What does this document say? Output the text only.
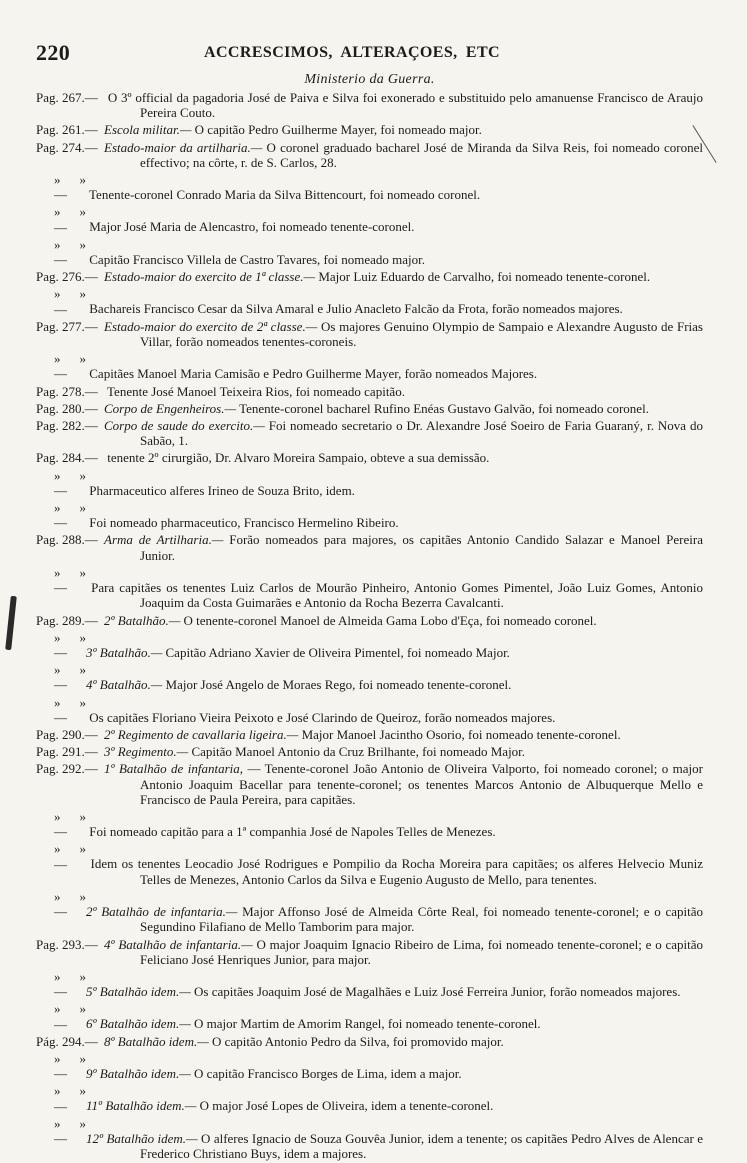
220	ACCRESCIMOS, ALTERAÇOES, ETC
Ministerio da Guerra.

Pag. 267.— O 3º official da pagadoria José de Paiva e Silva foi exonerado e substituido pelo amanuense Francisco de Araujo Pereira Couto.

Pag. 261.— Escola militar.— O capitão Pedro Guilherme Mayer, foi nomeado major.

Pag. 274.— Estado-maior da artilharia.— O coronel graduado bacharel José de Miranda da Silva Reis, foi nomeado coronel effectivo; na côrte, r. de S. Carlos, 28.

» » — Tenente-coronel Conrado Maria da Silva Bittencourt, foi nomeado coronel.

» » — Major José Maria de Alencastro, foi nomeado tenente-coronel.

» » — Capitão Francisco Villela de Castro Tavares, foi nomeado major.

Pag. 276.— Estado-maior do exercito de 1ª classe.— Major Luiz Eduardo de Carvalho, foi nomeado tenente-coronel.

» » — Bachareis Francisco Cesar da Silva Amaral e Julio Anacleto Falcão da Frota, forão nomeados majores.

Pag. 277.— Estado-maior do exercito de 2ª classe.— Os majores Genuino Olympio de Sampaio e Alexandre Augusto de Frias Villar, forão nomeados tenentes-coroneis.

» » — Capitães Manoel Maria Camisão e Pedro Guilherme Mayer, forão nomeados Majores.

Pag. 278.— Tenente José Manoel Teixeira Rios, foi nomeado capitão.

Pag. 280.— Corpo de Engenheiros.— Tenente-coronel bacharel Rufino Enéas Gustavo Galvão, foi nomeado coronel.

Pag. 282.— Corpo de saude do exercito.— Foi nomeado secretario o Dr. Alexandre José Soeiro de Faria Guaraný, r. Nova do Sabão, 1.

Pag. 284.— tenente 2º cirurgião, Dr. Alvaro Moreira Sampaio, obteve a sua demissão.

» » — Pharmaceutico alferes Irineo de Souza Brito, idem.

» » — Foi nomeado pharmaceutico, Francisco Hermelino Ribeiro.

Pag. 288.— Arma de Artilharia.— Forão nomeados para majores, os capitães Antonio Candido Salazar e Manoel Pereira Junior.

» » — Para capitães os tenentes Luiz Carlos de Mourão Pinheiro, Antonio Gomes Pimentel, João Luiz Gomes, Antonio Joaquim da Costa Guimarães e Antonio da Rocha Bezerra Cavalcanti.

Pag. 289.— 2º Batalhão.— O tenente-coronel Manoel de Almeida Gama Lobo d'Eça, foi nomeado coronel.

» » — 3º Batalhão.— Capitão Adriano Xavier de Oliveira Pimentel, foi nomeado Major.

» » — 4º Batalhão.— Major José Angelo de Moraes Rego, foi nomeado tenente-coronel.

» » — Os capitães Floriano Vieira Peixoto e José Clarindo de Queiroz, forão nomeados majores.

Pag. 290.— 2º Regimento de cavallaria ligeira.— Major Manoel Jacintho Osorio, foi nomeado tenente-coronel.

Pag. 291.— 3º Regimento.— Capitão Manoel Antonio da Cruz Brilhante, foi nomeado Major.

Pag. 292.— 1º Batalhão de infantaria, — Tenente-coronel João Antonio de Oliveira Valporto, foi nomeado coronel; o major Antonio Joaquim Bacellar para tenente-coronel; os tenentes Marcos Antonio de Albuquerque Mello e Francisco de Paula Pereira, para capitães.

» » — Foi nomeado capitão para a 1ª companhia José de Napoles Telles de Menezes.

» » — Idem os tenentes Leocadio José Rodrigues e Pompilio da Rocha Moreira para capitães; os alferes Helvecio Muniz Telles de Menezes, Antonio Carlos da Silva e Eugenio Augusto de Mello, para tenentes.

» » — 2º Batalhão de infantaria.— Major Affonso José de Almeida Côrte Real, foi nomeado tenente-coronel; e o capitão Segundino Filafiano de Mello Tamborim para major.

Pag. 293.— 4º Batalhão de infantaria.— O major Joaquim Ignacio Ribeiro de Lima, foi nomeado tenente-coronel; e o capitão Feliciano José Henriques Junior, para major.

» » — 5º Batalhão idem.— Os capitães Joaquim José de Magalhães e Luiz José Ferreira Junior, forão nomeados majores.

» » — 6º Batalhão idem.— O major Martim de Amorim Rangel, foi nomeado tenente-coronel.

Pág. 294.— 8º Batalhão idem.— O capitão Antonio Pedro da Silva, foi promovido major.

» » — 9º Batalhão idem.— O capitão Francisco Borges de Lima, idem a major.

» » — 11º Batalhão idem.— O major José Lopes de Oliveira, idem a tenente-coronel.

» » — 12º Batalhão idem.— O alferes Ignacio de Souza Gouvêa Junior, idem a tenente; os capitães Pedro Alves de Alencar e Frederico Christiano Buys, idem a majores.
